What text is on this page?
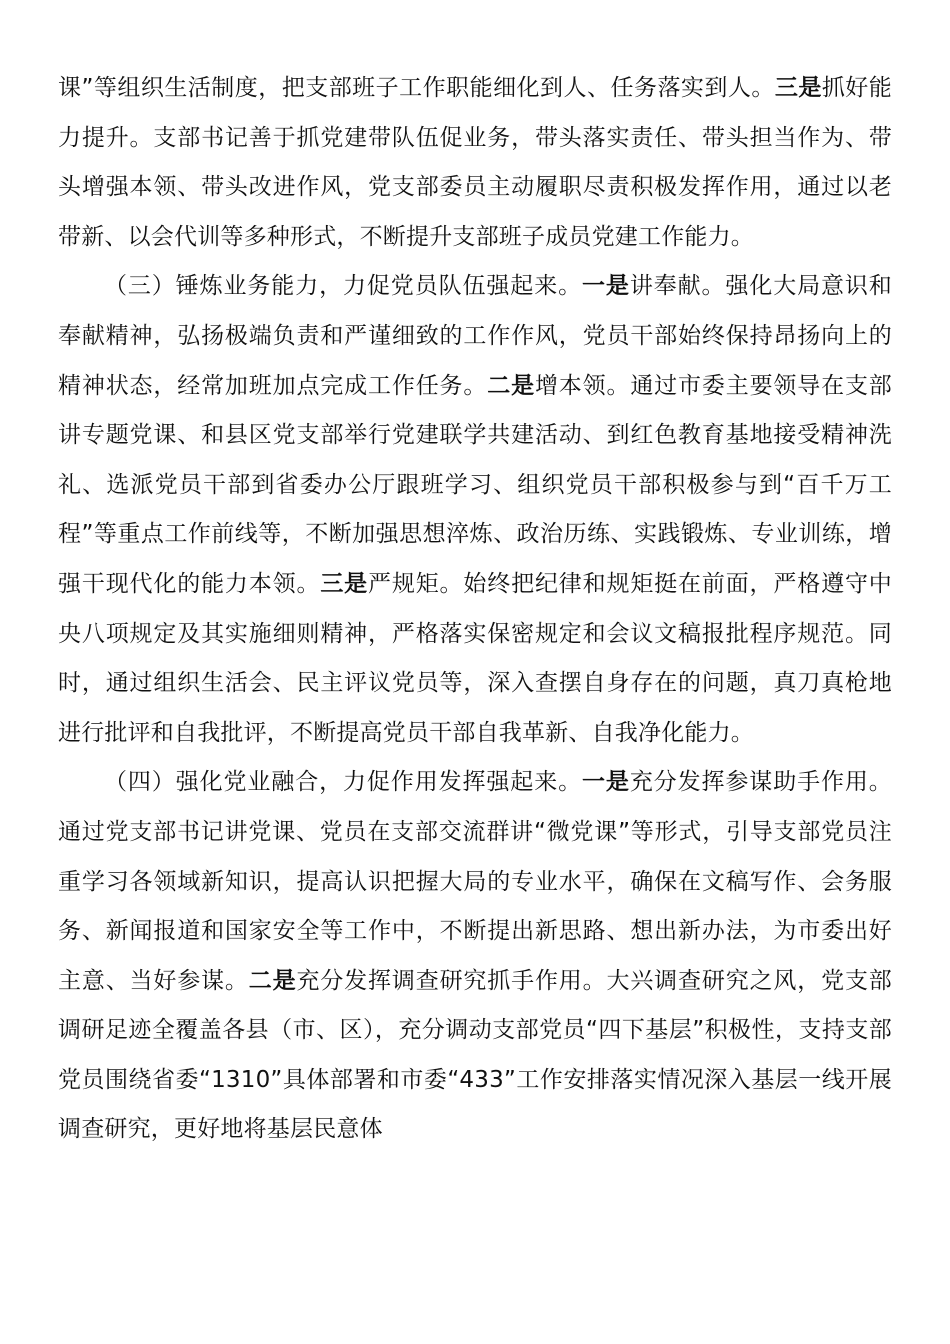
课”等组织生活制度，把支部班子工作职能细化到人、任务落实到人。三是抓好能力提升。支部书记善于抓党建带队伍促业务，带头落实责任、带头担当作为、带头增强本领、带头改进作风，党支部委员主动履职尽责积极发挥作用，通过以老带新、以会代训等多种形式，不断提升支部班子成员党建工作能力。

（三）锤炼业务能力，力促党员队伍强起来。一是讲奉献。强化大局意识和奉献精神，弘扬极端负责和严谨细致的工作作风，党员干部始终保持昂扬向上的精神状态，经常加班加点完成工作任务。二是增本领。通过市委主要领导在支部讲专题党课、和县区党支部举行党建联学共建活动、到红色教育基地接受精神洗礼、选派党员干部到省委办公厅跟班学习、组织党员干部积极参与到“百千万工程”等重点工作前线等，不断加强思想淬炼、政治历练、实践锻炼、专业训练，增强干现代化的能力本领。三是严规矩。始终把纪律和规矩挺在前面，严格遵守中央八项规定及其实施细则精神，严格落实保密规定和会议文稿报批程序规范。同时，通过组织生活会、民主评议党员等，深入查摆自身存在的问题，真刀真枪地进行批评和自我批评，不断提高党员干部自我革新、自我净化能力。

（四）强化党业融合，力促作用发挥强起来。一是充分发挥参谋助手作用。通过党支部书记讲党课、党员在支部交流群讲“微党课”等形式，引导支部党员注重学习各领域新知识，提高认识把握大局的专业水平，确保在文稿写作、会务服务、新闻报道和国家安全等工作中，不断提出新思路、想出新办法，为市委出好主意、当好参谋。二是充分发挥调查研究抓手作用。大兴调查研究之风，党支部调研足迹全覆盖各县（市、区），充分调动支部党员“四下基层”积极性，支持支部党员围绕省委“1310”具体部署和市委“433”工作安排落实情况深入基层一线开展调查研究，更好地将基层民意体
